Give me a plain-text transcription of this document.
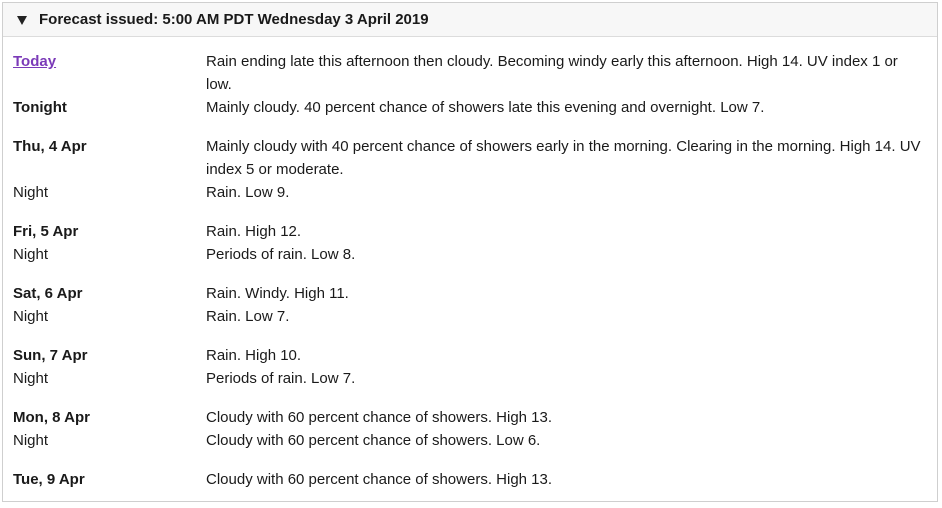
Forecast issued: 5:00 AM PDT Wednesday 3 April 2019
Today	Rain ending late this afternoon then cloudy. Becoming windy early this afternoon. High 14. UV index 1 or low.
Tonight	Mainly cloudy. 40 percent chance of showers late this evening and overnight. Low 7.
Thu, 4 Apr	Mainly cloudy with 40 percent chance of showers early in the morning. Clearing in the morning. High 14. UV index 5 or moderate.
Night	Rain. Low 9.
Fri, 5 Apr	Rain. High 12.
Night	Periods of rain. Low 8.
Sat, 6 Apr	Rain. Windy. High 11.
Night	Rain. Low 7.
Sun, 7 Apr	Rain. High 10.
Night	Periods of rain. Low 7.
Mon, 8 Apr	Cloudy with 60 percent chance of showers. High 13.
Night	Cloudy with 60 percent chance of showers. Low 6.
Tue, 9 Apr	Cloudy with 60 percent chance of showers. High 13.
